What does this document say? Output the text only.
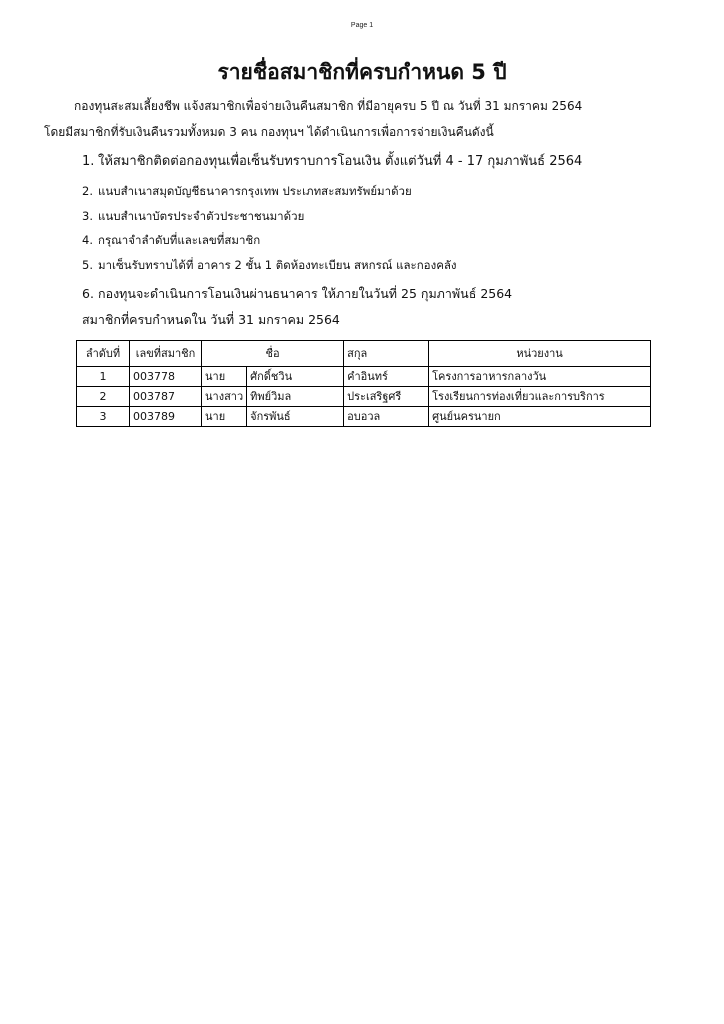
Page 1
รายชื่อสมาชิกที่ครบกำหนด 5 ปี
กองทุนสะสมเลี้ยงชีพ แจ้งสมาชิกเพื่อจ่ายเงินคืนสมาชิก ที่มีอายุครบ 5 ปี ณ วันที่ 31 มกราคม 2564
โดยมีสมาชิกที่รับเงินคืนรวมทั้งหมด 3 คน กองทุนฯ ได้ดำเนินการเพื่อการจ่ายเงินคืนดังนี้
1. ให้สมาชิกติดต่อกองทุนเพื่อเซ็นรับทราบการโอนเงิน ตั้งแต่วันที่ 4 - 17 กุมภาพันธ์ 2564
2. แนบสำเนาสมุดบัญชีธนาคารกรุงเทพ ประเภทสะสมทรัพย์มาด้วย
3. แนบสำเนาบัตรประจำตัวประชาชนมาด้วย
4. กรุณาจำลำดับที่และเลขที่สมาชิก
5. มาเซ็นรับทราบได้ที่ อาคาร 2 ชั้น 1 ติดห้องทะเบียน สหกรณ์ และกองคลัง
6. กองทุนจะดำเนินการโอนเงินผ่านธนาคาร ให้ภายในวันที่ 25 กุมภาพันธ์ 2564
สมาชิกที่ครบกำหนดใน วันที่ 31 มกราคม 2564
ลำดับที่	เลขที่สมาชิก	ชื่อ		สกุล	หน่วยงาน
1	003778	นาย	ศักดิ์ชวิน	คำอินทร์	โครงการอาหารกลางวัน
2	003787	นางสาว	ทิพย์วิมล	ประเสริฐศรี	โรงเรียนการท่องเที่ยวและการบริการ
3	003789	นาย	จักรพันธ์	อบอวล	ศูนย์นครนายก
